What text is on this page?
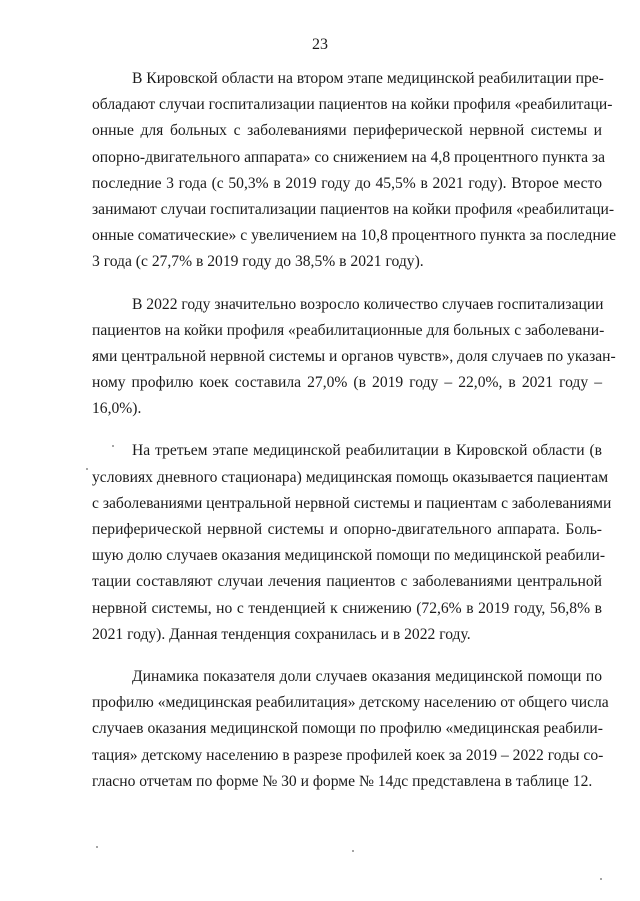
23
В Кировской области на втором этапе медицинской реабилитации пре-
обладают случаи госпитализации пациентов на койки профиля «реабилитаци-
онные для больных с заболеваниями периферической нервной системы и
опорно-двигательного аппарата» со снижением на 4,8 процентного пункта за
последние 3 года (с 50,3% в 2019 году до 45,5% в 2021 году). Второе место
занимают случаи госпитализации пациентов на койки профиля «реабилитаци-
онные соматические» с увеличением на 10,8 процентного пункта за последние
3 года (с 27,7% в 2019 году до 38,5% в 2021 году).
В 2022 году значительно возросло количество случаев госпитализации
пациентов на койки профиля «реабилитационные для больных с заболевани-
ями центральной нервной системы и органов чувств», доля случаев по указан-
ному профилю коек составила 27,0% (в 2019 году – 22,0%, в 2021 году –
16,0%).
На третьем этапе медицинской реабилитации в Кировской области (в
условиях дневного стационара) медицинская помощь оказывается пациентам
с заболеваниями центральной нервной системы и пациентам с заболеваниями
периферической нервной системы и опорно-двигательного аппарата. Боль-
шую долю случаев оказания медицинской помощи по медицинской реабили-
тации составляют случаи лечения пациентов с заболеваниями центральной
нервной системы, но с тенденцией к снижению (72,6% в 2019 году, 56,8% в
2021 году). Данная тенденция сохранилась и в 2022 году.
Динамика показателя доли случаев оказания медицинской помощи по
профилю «медицинская реабилитация» детскому населению от общего числа
случаев оказания медицинской помощи по профилю «медицинская реабили-
тация» детскому населению в разрезе профилей коек за 2019 – 2022 годы со-
гласно отчетам по форме № 30 и форме № 14дс представлена в таблице 12.
